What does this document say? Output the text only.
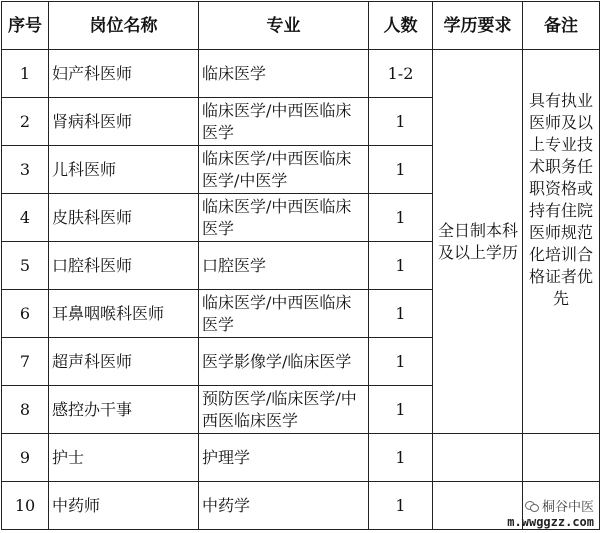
序号	岗位名称	专业	人数	学历要求	备注
1	妇产科医师	临床医学	1-2	全日制本科及以上学历	具有执业医师及以上专业技术职务任职资格或持有住院医师规范化培训合格证者优先

2	肾病科医师	临床医学/中西医临床医学	1		
3	儿科医师	临床医学/中西医临床医学/中医学	1		
4	皮肤科医师	临床医学/中西医临床医学	1		
5	口腔科医师	口腔医学	1		
6	耳鼻咽喉科医师	临床医学/中西医临床医学	1		
7	超声科医师	医学影像学/临床医学	1		
8	感控办干事	预防医学/临床医学/中西医临床医学	1		
9	护士	护理学	1		
10	中药师	中药学	1			桐谷中医
m.wwggzz.com
